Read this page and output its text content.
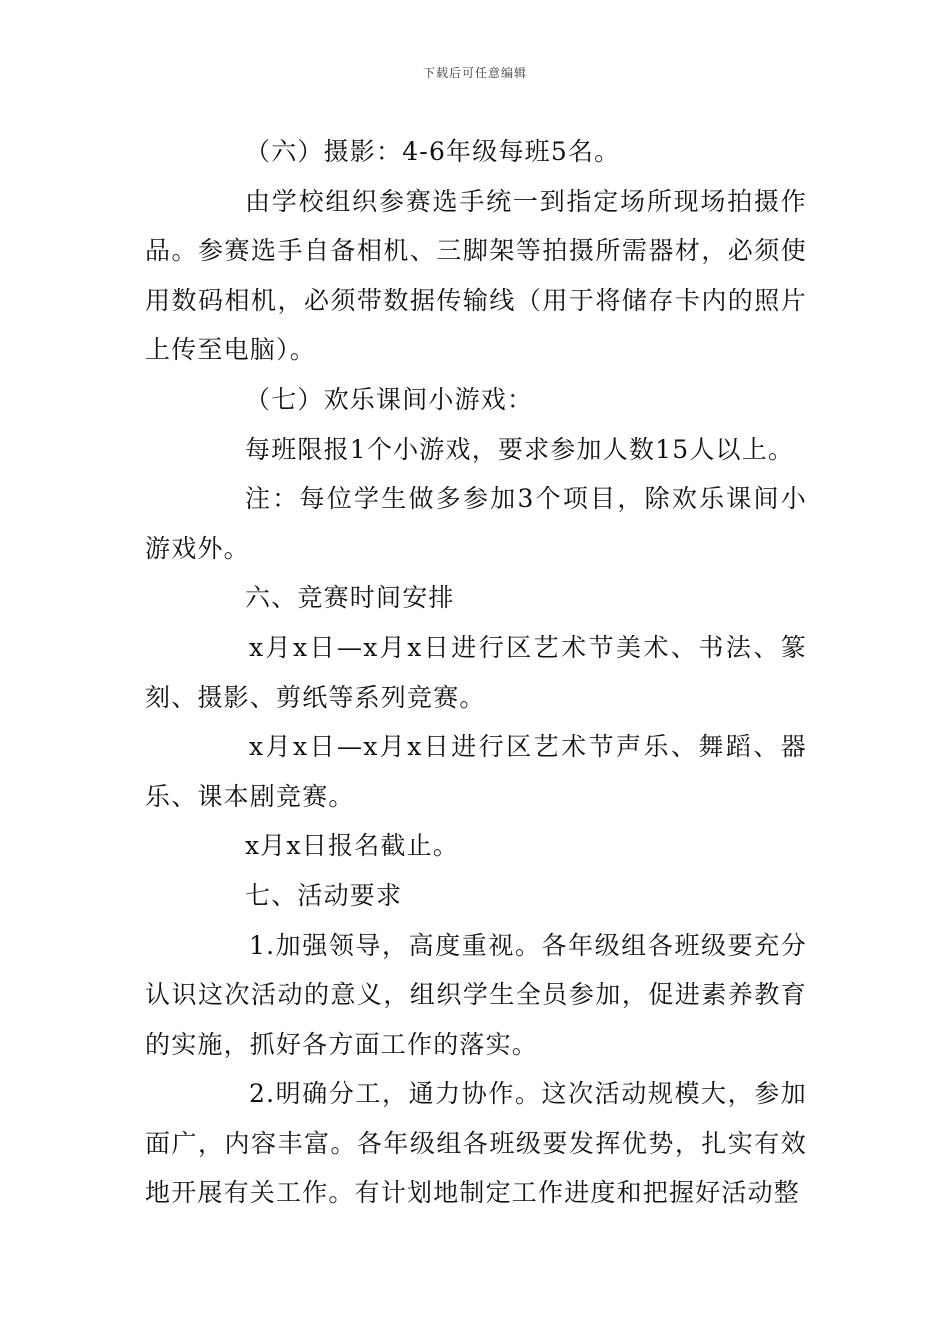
下载后可任意编辑

（六）摄影：4-6年级每班5名。

由学校组织参赛选手统一到指定场所现场拍摄作品。参赛选手自备相机、三脚架等拍摄所需器材，必须使用数码相机，必须带数据传输线（用于将储存卡内的照片上传至电脑）。

（七）欢乐课间小游戏：

每班限报1个小游戏，要求参加人数15人以上。

注：每位学生做多参加3个项目，除欢乐课间小游戏外。

六、竞赛时间安排

x月x日—x月x日进行区艺术节美术、书法、篆刻、摄影、剪纸等系列竞赛。

x月x日—x月x日进行区艺术节声乐、舞蹈、器乐、课本剧竞赛。

x月x日报名截止。

七、活动要求

1.加强领导，高度重视。各年级组各班级要充分认识这次活动的意义，组织学生全员参加，促进素养教育的实施，抓好各方面工作的落实。

2.明确分工，通力协作。这次活动规模大，参加面广，内容丰富。各年级组各班级要发挥优势，扎实有效地开展有关工作。有计划地制定工作进度和把握好活动整
